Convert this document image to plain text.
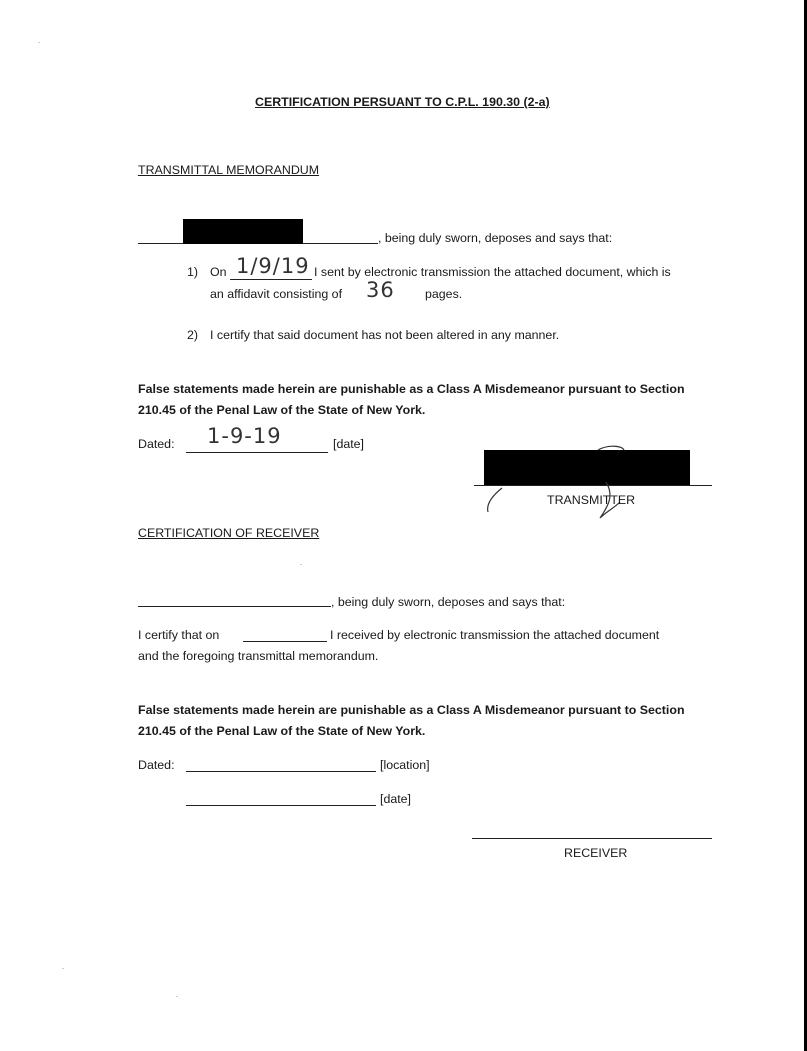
CERTIFICATION PERSUANT TO C.P.L. 190.30 (2-a)
TRANSMITTAL MEMORANDUM
, being duly sworn, deposes and says that:
1) On 1/9/19 I sent by electronic transmission the attached document, which is
an affidavit consisting of 36 pages.
2) I certify that said document has not been altered in any manner.
False statements made herein are punishable as a Class A Misdemeanor pursuant to Section
210.45 of the Penal Law of the State of New York.
Dated: 1-9-19	[date]
TRANSMITTER
CERTIFICATION OF RECEIVER
, being duly sworn, deposes and says that:
I certify that on	I received by electronic transmission the attached document
and the foregoing transmittal memorandum.
False statements made herein are punishable as a Class A Misdemeanor pursuant to Section
210.45 of the Penal Law of the State of New York.
Dated:	[location]
[date]
RECEIVER
